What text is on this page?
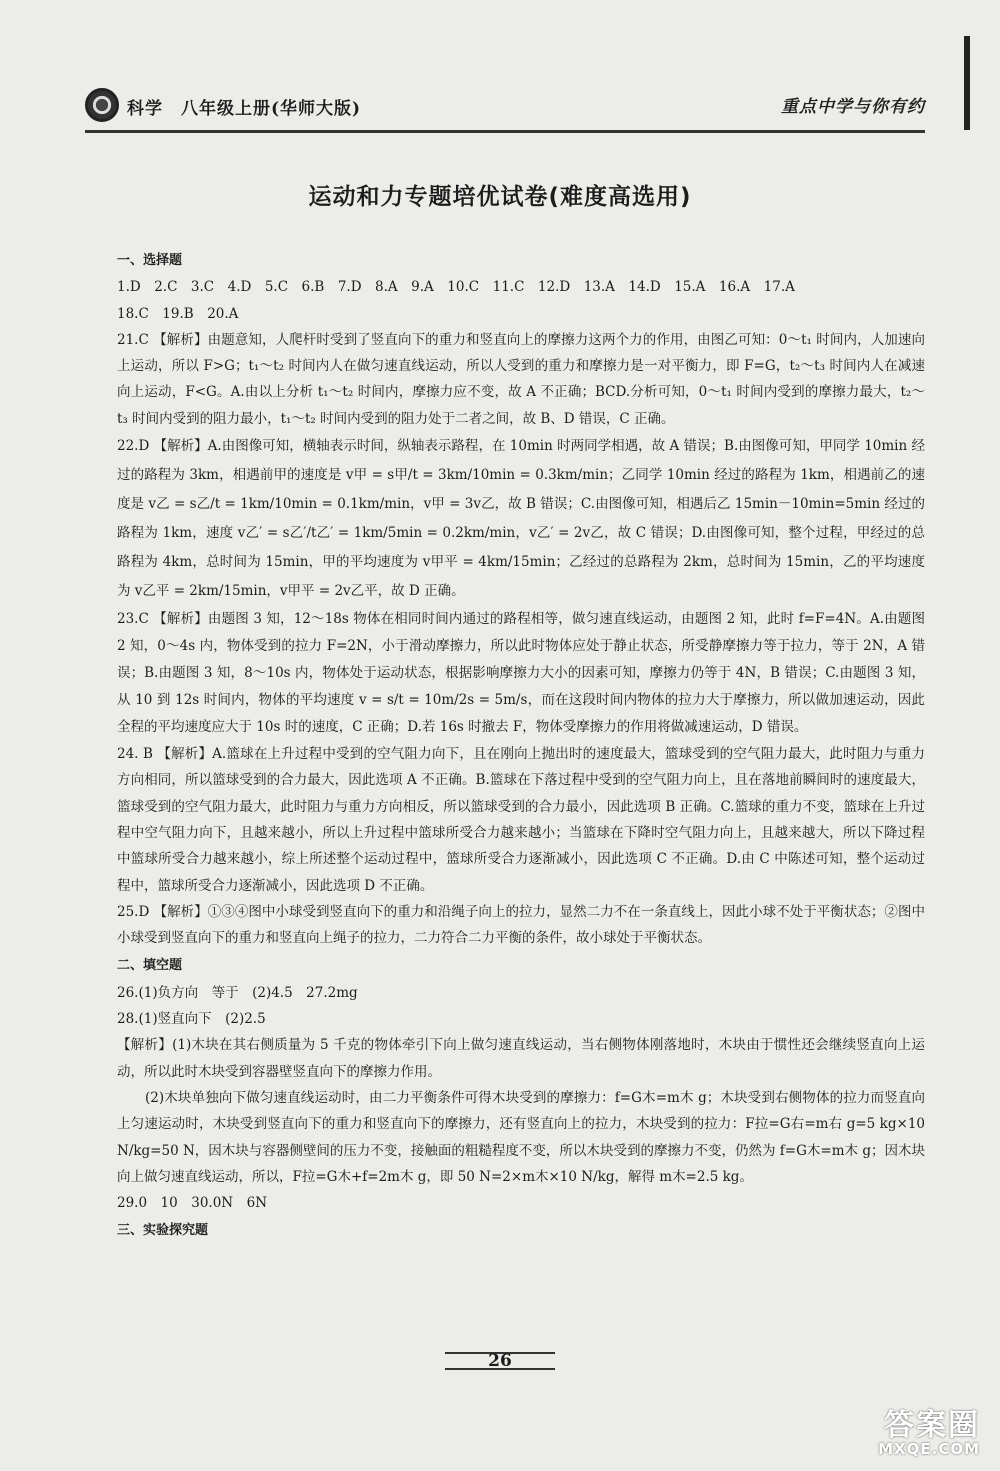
科学　八年级上册(华师大版)	重点中学与你有约
运动和力专题培优试卷(难度高选用)
一、选择题
1.D　2.C　3.C　4.D　5.C　6.B　7.D　8.A　9.A　10.C　11.C　12.D　13.A　14.D　15.A　16.A　17.A
18.C　19.B　20.A
21.C 【解析】由题意知，人爬杆时受到了竖直向下的重力和竖直向上的摩擦力这两个力的作用，由图乙可知：0～t₁ 时间内，人加速向上运动，所以 F>G；t₁～t₂ 时间内人在做匀速直线运动，所以人受到的重力和摩擦力是一对平衡力，即 F=G，t₂～t₃ 时间内人在减速向上运动，F<G。A.由以上分析 t₁～t₂ 时间内，摩擦力应不变，故 A 不正确；BCD.分析可知，0～t₁ 时间内受到的摩擦力最大，t₂～t₃ 时间内受到的阻力最小，t₁～t₂ 时间内受到的阻力处于二者之间，故 B、D 错误，C 正确。
22.D 【解析】A.由图像可知，横轴表示时间，纵轴表示路程，在 10min 时两同学相遇，故 A 错误；B.由图像可知，甲同学 10min 经过的路程为 3km，相遇前甲的速度是 v甲 = s甲/t = 3km/10min = 0.3km/min；乙同学 10min 经过的路程为 1km，相遇前乙的速度是 v乙 = s乙/t = 1km/10min = 0.1km/min，v甲 = 3v乙，故 B 错误；C.由图像可知，相遇后乙 15min－10min=5min 经过的路程为 1km，速度 v乙′ = s乙′/t乙′ = 1km/5min = 0.2km/min，v乙′ = 2v乙，故 C 错误；D.由图像可知，整个过程，甲经过的总路程为 4km，总时间为 15min，甲的平均速度为 v甲平 = 4km/15min；乙经过的总路程为 2km，总时间为 15min，乙的平均速度为 v乙平 = 2km/15min，v甲平 = 2v乙平，故 D 正确。
23.C 【解析】由题图 3 知，12～18s 物体在相同时间内通过的路程相等，做匀速直线运动，由题图 2 知，此时 f=F=4N。A.由题图 2 知，0～4s 内，物体受到的拉力 F=2N，小于滑动摩擦力，所以此时物体应处于静止状态，所受静摩擦力等于拉力，等于 2N，A 错误；B.由题图 3 知，8～10s 内，物体处于运动状态，根据影响摩擦力大小的因素可知，摩擦力仍等于 4N，B 错误；C.由题图 3 知，从 10 到 12s 时间内，物体的平均速度 v = s/t = 10m/2s = 5m/s，而在这段时间内物体的拉力大于摩擦力，所以做加速运动，因此全程的平均速度应大于 10s 时的速度，C 正确；D.若 16s 时撤去 F，物体受摩擦力的作用将做减速运动，D 错误。
24. B 【解析】A.篮球在上升过程中受到的空气阻力向下，且在刚向上抛出时的速度最大，篮球受到的空气阻力最大，此时阻力与重力方向相同，所以篮球受到的合力最大，因此选项 A 不正确。B.篮球在下落过程中受到的空气阻力向上，且在落地前瞬间时的速度最大，篮球受到的空气阻力最大，此时阻力与重力方向相反，所以篮球受到的合力最小，因此选项 B 正确。C.篮球的重力不变，篮球在上升过程中空气阻力向下，且越来越小，所以上升过程中篮球所受合力越来越小；当篮球在下降时空气阻力向上，且越来越大，所以下降过程中篮球所受合力越来越小，综上所述整个运动过程中，篮球所受合力逐渐减小，因此选项 C 不正确。D.由 C 中陈述可知，整个运动过程中，篮球所受合力逐渐减小，因此选项 D 不正确。
25.D 【解析】①③④图中小球受到竖直向下的重力和沿绳子向上的拉力，显然二力不在一条直线上，因此小球不处于平衡状态；②图中小球受到竖直向下的重力和竖直向上绳子的拉力，二力符合二力平衡的条件，故小球处于平衡状态。
二、填空题
26.(1)负方向　等于　(2)4.5　27.2mg
28.(1)竖直向下　(2)2.5
【解析】(1)木块在其右侧质量为 5 千克的物体牵引下向上做匀速直线运动，当右侧物体刚落地时，木块由于惯性还会继续竖直向上运动，所以此时木块受到容器壁竖直向下的摩擦力作用。
(2)木块单独向下做匀速直线运动时，由二力平衡条件可得木块受到的摩擦力：f=G木=m木 g；木块受到右侧物体的拉力而竖直向上匀速运动时，木块受到竖直向下的重力和竖直向下的摩擦力，还有竖直向上的拉力，木块受到的拉力：F拉=G右=m右 g=5 kg×10 N/kg=50 N，因木块与容器侧壁间的压力不变，接触面的粗糙程度不变，所以木块受到的摩擦力不变，仍然为 f=G木=m木 g；因木块向上做匀速直线运动，所以，F拉=G木+f=2m木 g，即 50 N=2×m木×10 N/kg，解得 m木=2.5 kg。
29.0　10　30.0N　6N
三、实验探究题
26
答案圈
MXQE.COM
